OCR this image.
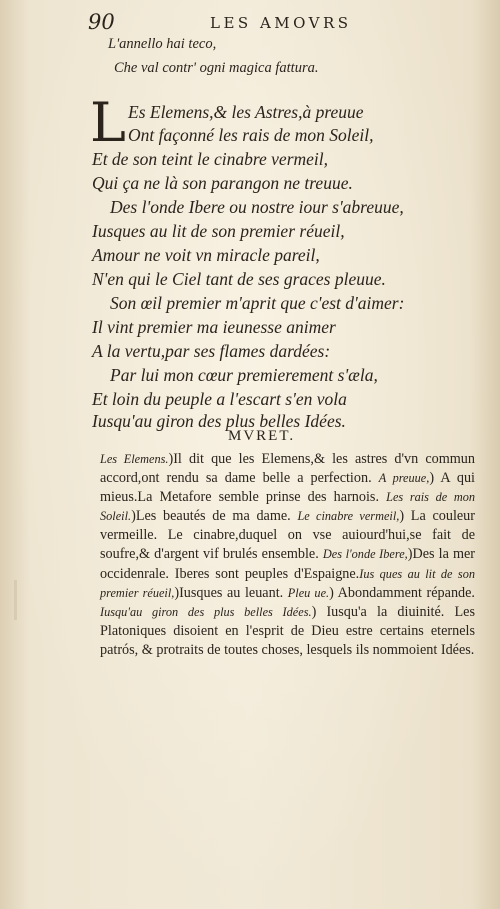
90	LES AMOVRS
L'annello hai teco,
Che val contr' ogni magica fattura.
L Es Elemens,& les Astres,à preuue
Ont façonné les rais de mon Soleil,
Et de son teint le cinabre vermeil,
Qui ça ne là son parangon ne treuue.
Des l'onde Ibere ou nostre iour s'abreuue,
Iusques au lit de son premier réueil,
Amour ne voit vn miracle pareil,
N'en qui le Ciel tant de ses graces pleuue.
Son œil premier m'aprit que c'est d'aimer:
Il vint premier ma ieunesse animer
A la vertu,par ses flames dardées:
Par lui mon cœur premierement s'æla,
Et loin du peuple a l'escart s'en vola
Iusqu'au giron des plus belles Idées.
MVRET.
Les Elemens.)Il dit que les Elemens,& les astres d'vn commun accord,ont rendu sa dame belle a perfection. A preuue,) A qui mieus.La Metafore semble prinse des harnois. Les rais de mon Soleil.)Les beautés de ma dame. Le cinabre vermeil,) La couleur vermeille. Le cinabre,duquel on vse auiourd'hui,se fait de soufre,& d'argent vif brulés ensemble. Des l'onde Ibere,)Des la mer occidenrale. Iberes sont peuples d'Espaigne.Ius ques au lit de son premier réueil,)Iusques au leuant. Pleu ue.) Abondamment répande. Iusqu'au giron des plus belles Idées.) Iusqu'a la diuinité. Les Platoniques disoient en l'esprit de Dieu estre certains eternels patrós, & protraits de toutes choses, lesquels ils nommoient Idées.
